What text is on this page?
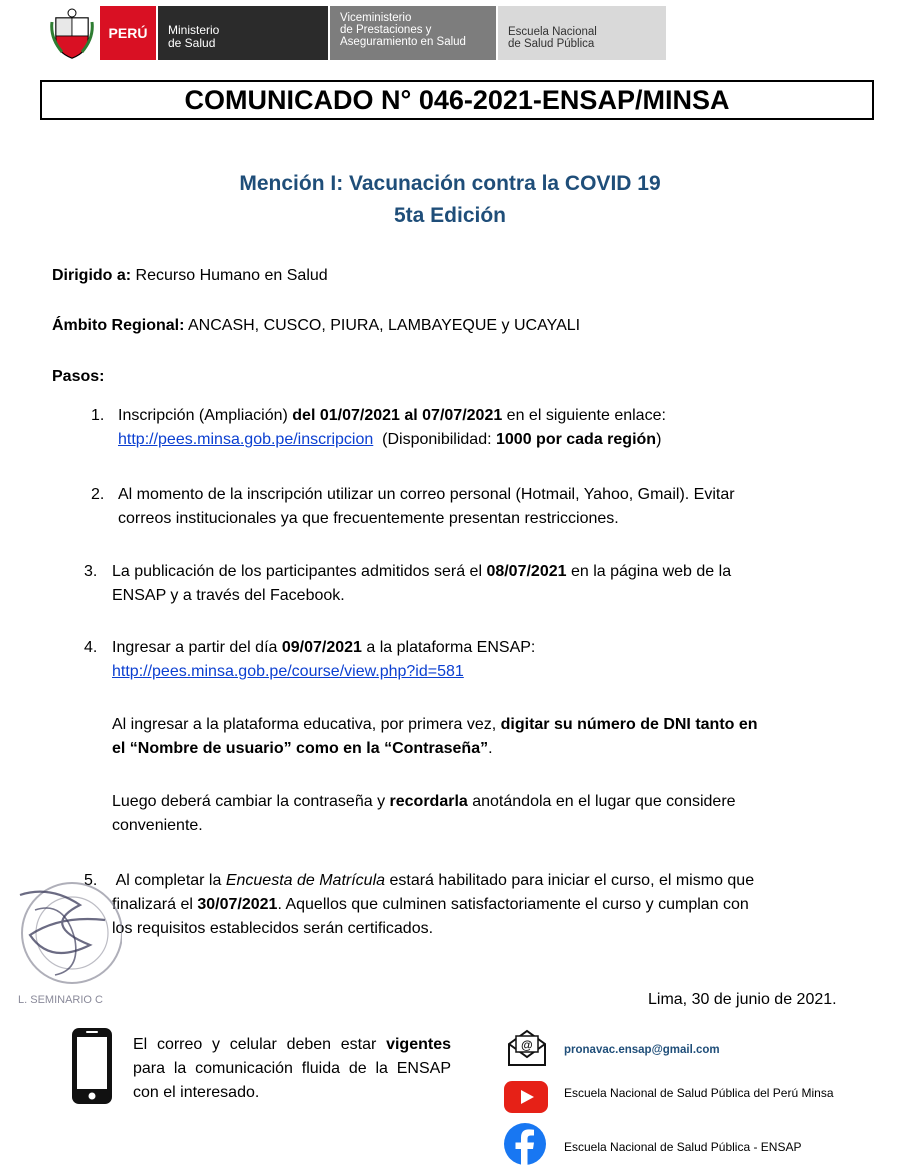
PERÚ Ministerio
de Salud
Viceministerio
de Prestaciones y
Aseguramiento en Salud
Escuela Nacional
de Salud Pública
COMUNICADO N° 046-2021-ENSAP/MINSA
Mención I: Vacunación contra la COVID 19
5ta Edición
Dirigido a: Recurso Humano en Salud
Ámbito Regional: ANCASH, CUSCO, PIURA, LAMBAYEQUE y UCAYALI
Pasos:
1. Inscripción (Ampliación) del 01/07/2021 al 07/07/2021 en el siguiente enlace:
http://pees.minsa.gob.pe/inscripcion  (Disponibilidad: 1000 por cada región)
2. Al momento de la inscripción utilizar un correo personal (Hotmail, Yahoo, Gmail). Evitar
correos institucionales ya que frecuentemente presentan restricciones.
3. La publicación de los participantes admitidos será el 08/07/2021 en la página web de la
ENSAP y a través del Facebook.
4. Ingresar a partir del día 09/07/2021 a la plataforma ENSAP:
http://pees.minsa.gob.pe/course/view.php?id=581
Al ingresar a la plataforma educativa, por primera vez, digitar su número de DNI tanto en
el “Nombre de usuario” como en la “Contraseña”.
Luego deberá cambiar la contraseña y recordarla anotándola en el lugar que considere
conveniente.
5. Al completar la Encuesta de Matrícula estará habilitado para iniciar el curso, el mismo que
finalizará el 30/07/2021. Aquellos que culminen satisfactoriamente el curso y cumplan con
los requisitos establecidos serán certificados.
L. SEMINARIO C	Lima, 30 de junio de 2021.
El correo y celular deben estar vigentes para la comunicación fluida de la ENSAP con el interesado.
@	pronavac.ensap@gmail.com
Escuela Nacional de Salud Pública del Perú Minsa
Escuela Nacional de Salud Pública - ENSAP
